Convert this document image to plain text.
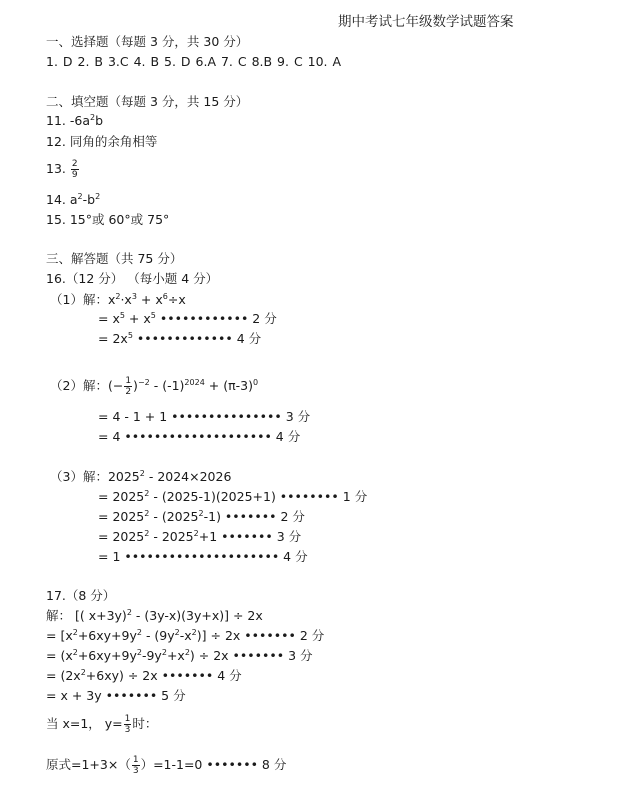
期中考试七年级数学试题答案
一、选择题（每题 3 分，共 30 分）
1. D 2. B 3.C 4. B 5. D 6.A 7. C 8.B 9. C 10. A
二、填空题（每题 3 分，共 15 分）
11. $-6a^2b$
12. 同角的余角相等
13. $\frac{2}{9}$
14. $a^2-b^2$
15. 15°或 60°或 75°
三、解答题（共 75 分）
16.（12 分） （每小题 4 分）
（1）解：$x^2\cdot x^3 + x^6\div x$
= $x^5 + x^5$ •••••••••••• 2 分
= $2x^5$ ••••••••••••• 4 分
（2）解：(− $\frac{1}{2} )^{-2} - (-1)^{2024} + (\pi-3)^0$
= 4 - 1 + 1 ••••••••••••••• 3 分
= 4 •••••••••••••••••••• 4 分
（3）解：2025$^2$ - 2024×2026
= $2025^2 - (2025-1)(2025+1)$ •••••••• 1 分
= $2025^2 - (2025^2-1)$ ••••••• 2 分
= $2025^2 - 2025^2+1$ ••••••• 3 分
= 1 ••••••••••••••••••••• 4 分
17.（8 分）
解： [( x+3y)$^2$ - (3y-x)(3y+x)] ÷ 2x
= $[x^2+6xy+9y^2 - (9y^2-x^2)] \div 2x$ ••••••• 2 分
= $(x^2+6xy+9y^2-9y^2+x^2) \div 2x$ ••••••• 3 分
= $(2x^2+6xy) \div 2x$ ••••••• 4 分
= x + 3y ••••••• 5 分
当 x=1， $y= \frac{1}{3}$ 时：
原式$=1+3\times( \frac{1}{3} )=1-1=0$ ••••••• 8 分
